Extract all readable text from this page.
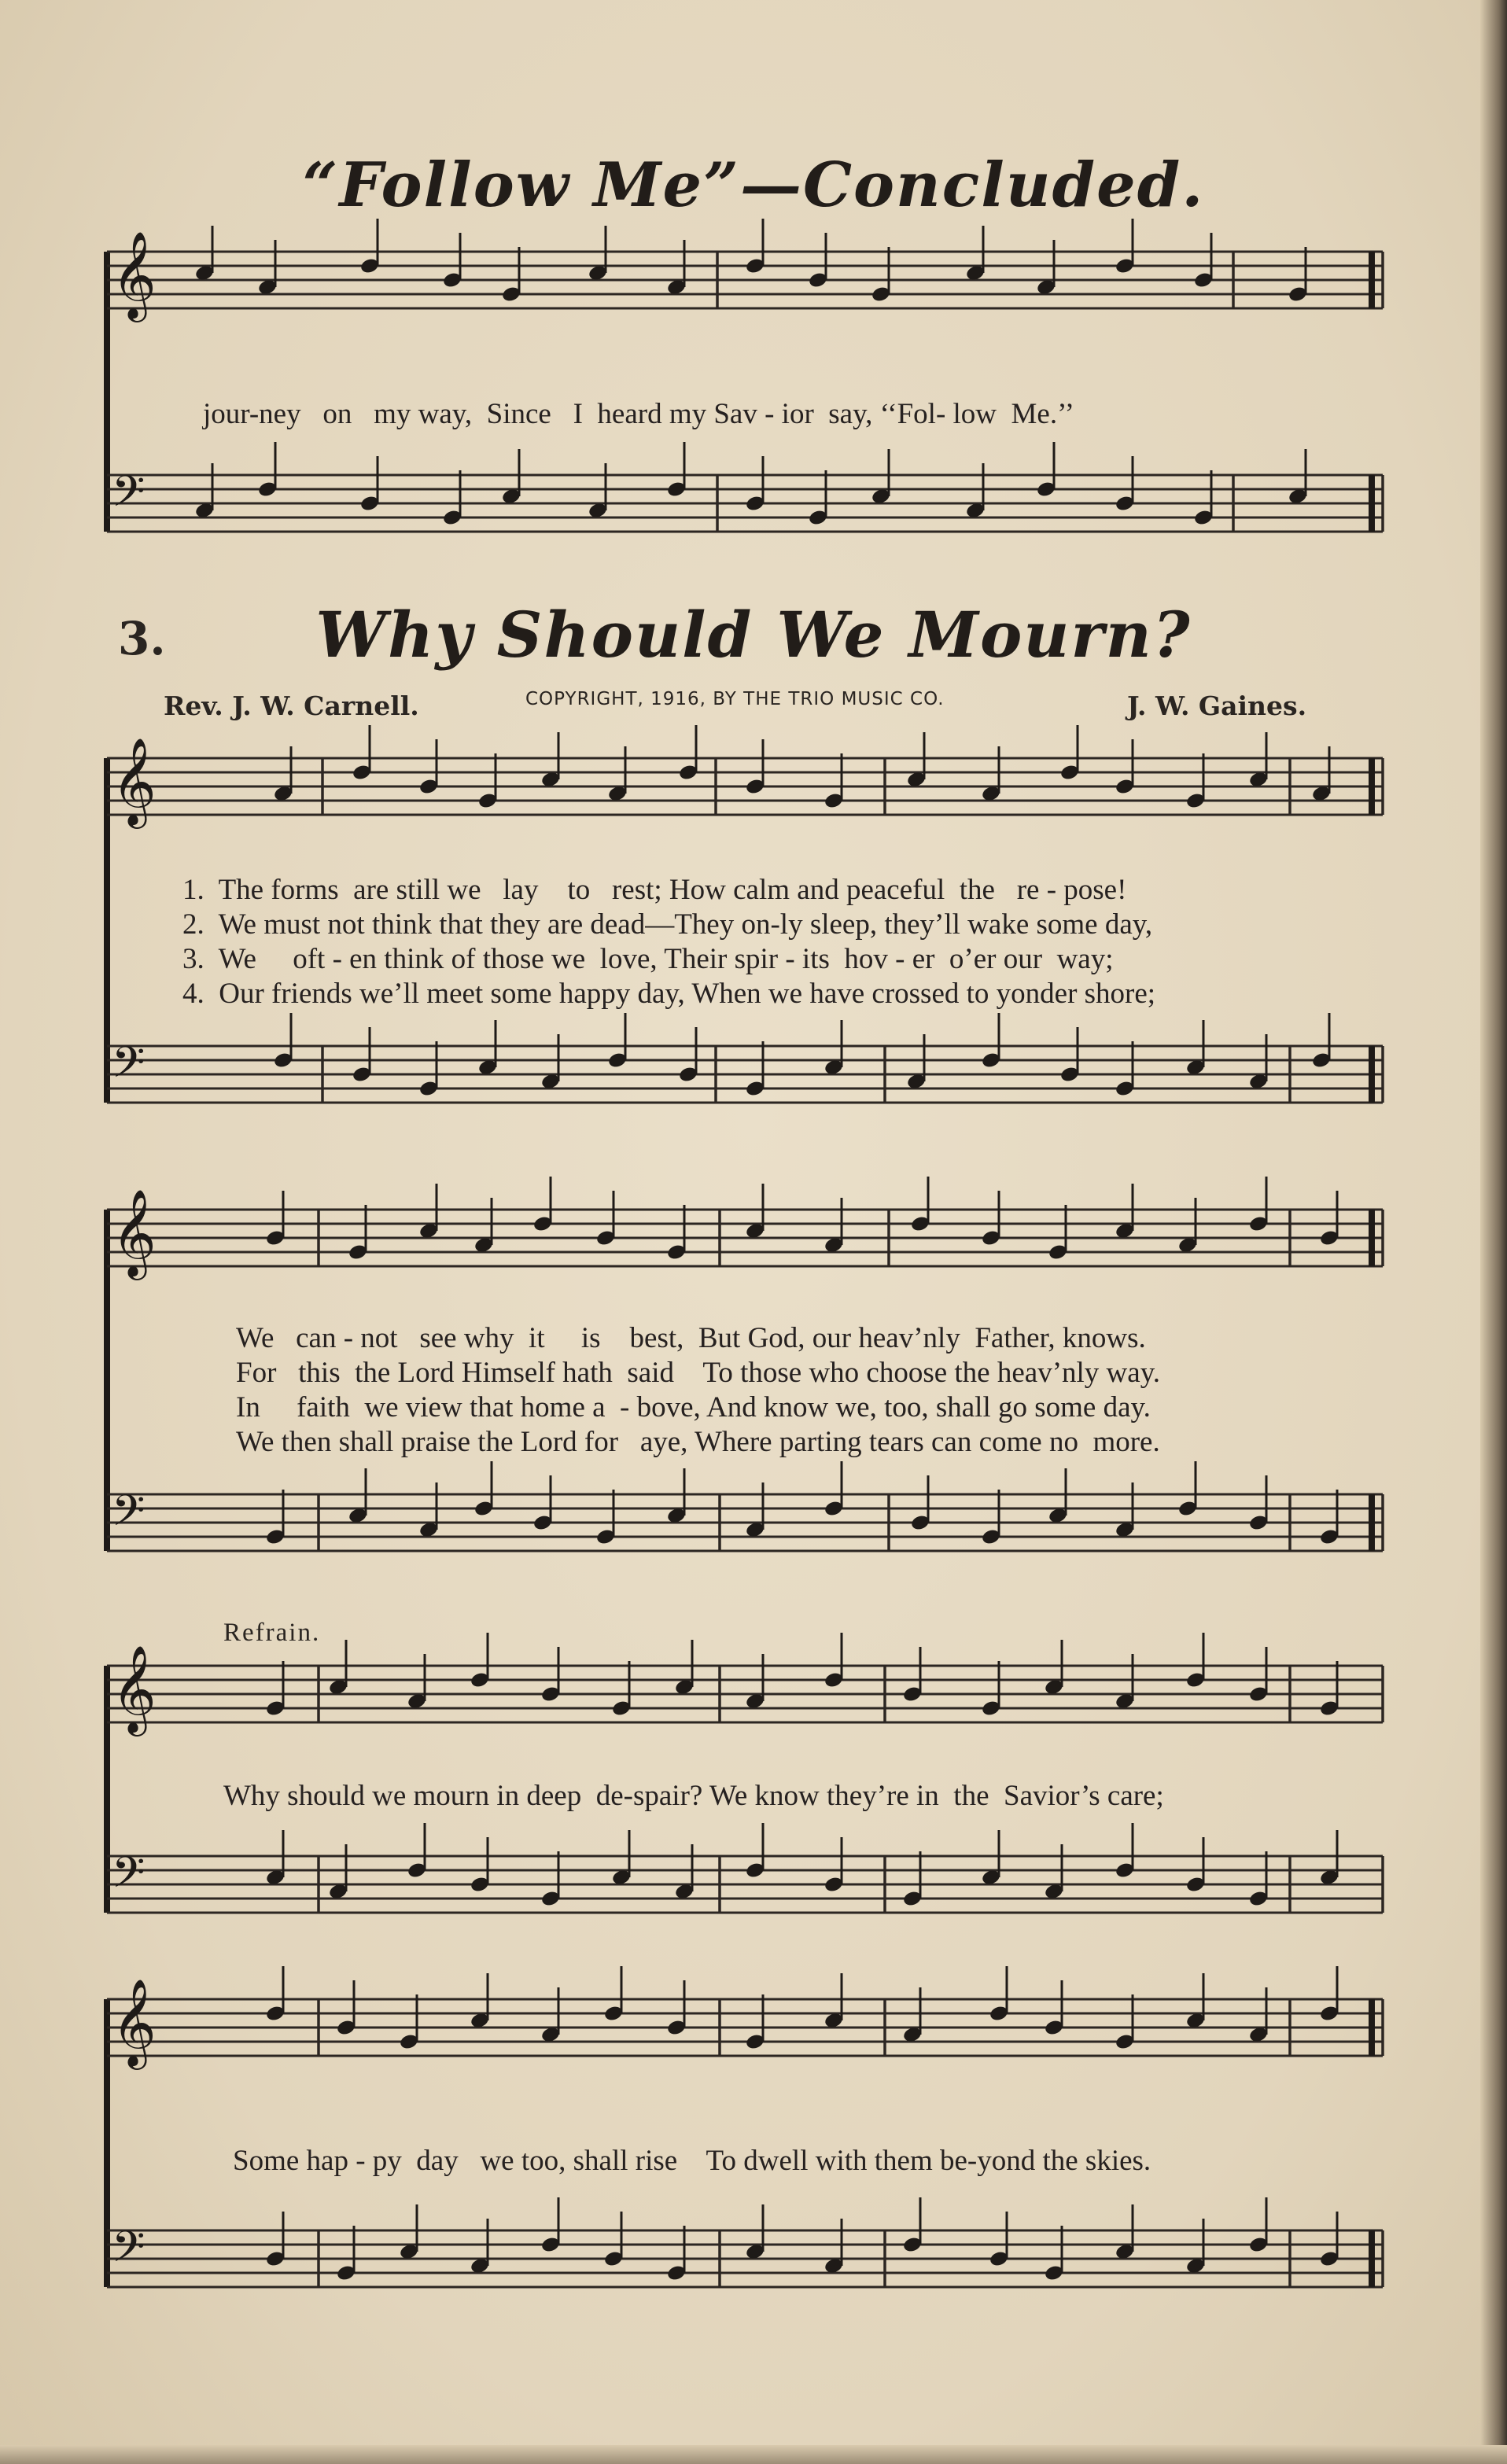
𝄞
𝄢
𝄞
𝄢
𝄞
𝄢
𝄞
𝄢
𝄞
𝄢
“Follow Me”—Concluded.
jour-ney   on   my way,  Since   I  heard my Sav - ior  say, ‘‘Fol- low  Me.’’
3.	Why Should We Mourn?
Rev. J. W. Carnell.	COPYRIGHT, 1916, BY THE TRIO MUSIC CO.	J. W. Gaines.
1.  The forms  are still we   lay    to   rest; How calm and peaceful  the   re - pose!
2.  We must not think that they are dead—They on-ly sleep, they’ll wake some day,
3.  We     oft - en think of those we  love, Their spir - its  hov - er  o’er our  way;
4.  Our friends we’ll meet some happy day, When we have crossed to yonder shore;
We   can - not   see why  it     is    best,  But God, our heav’nly  Father, knows.
For   this  the Lord Himself hath  said    To those who choose the heav’nly way.
In     faith  we view that home a  - bove, And know we, too, shall go some day.
We then shall praise the Lord for   aye, Where parting tears can come no  more.
Refrain.
Why should we mourn in deep  de-spair? We know they’re in  the  Savior’s care;
Some hap - py  day   we too, shall rise    To dwell with them be-yond the skies.
